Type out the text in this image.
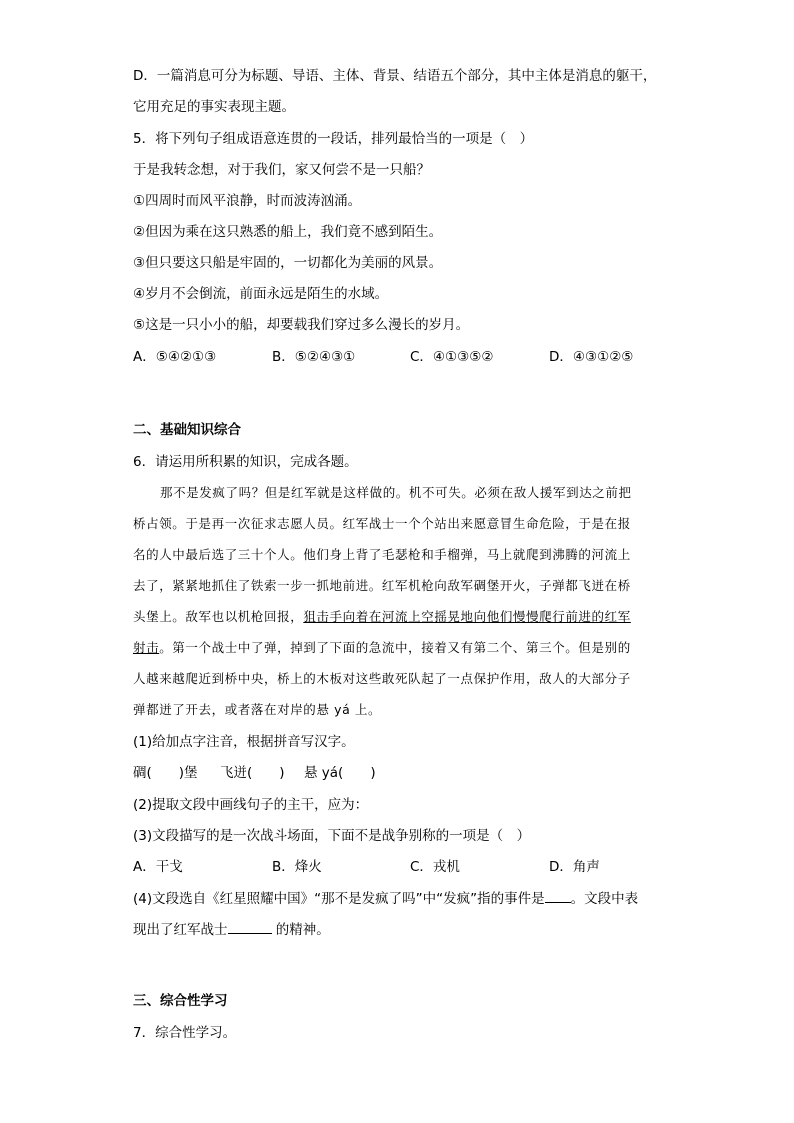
D．一篇消息可分为标题、导语、主体、背景、结语五个部分，其中主体是消息的躯干，
它用充足的事实表现主题。
5．将下列句子组成语意连贯的一段话，排列最恰当的一项是（　）
于是我转念想，对于我们，家又何尝不是一只船？
①四周时而风平浪静，时而波涛汹涌。
②但因为乘在这只熟悉的船上，我们竟不感到陌生。
③但只要这只船是牢固的，一切都化为美丽的风景。
④岁月不会倒流，前面永远是陌生的水域。
⑤这是一只小小的船，却要载我们穿过多么漫长的岁月。
A．⑤④②①③	B．⑤②④③①	C．④①③⑤②	D．④③①②⑤
二、基础知识综合
6．请运用所积累的知识，完成各题。
那不是发疯了吗？但是红军就是这样做的。机不可失。必须在敌人援军到达之前把
桥占领。于是再一次征求志愿人员。红军战士一个个站出来愿意冒生命危险，于是在报
名的人中最后选了三十个人。他们身上背了毛瑟枪和手榴弹，马上就爬到沸腾的河流上
去了，紧紧地抓住了铁索一步一抓地前进。红军机枪向敌军碉堡开火，子弹都飞迸在桥
头堡上。敌军也以机枪回报，狙击手向着在河流上空摇晃地向他们慢慢爬行前进的红军
射击。第一个战士中了弹，掉到了下面的急流中，接着又有第二个、第三个。但是别的
人越来越爬近到桥中央，桥上的木板对这些敢死队起了一点保护作用，敌人的大部分子
弹都迸了开去，或者落在对岸的悬 yá 上。
(1)给加点字注音，根据拼音写汉字。
碉(　　)堡 飞迸(　　) 悬 yá(　　)
(2)提取文段中画线句子的主干，应为：
(3)文段描写的是一次战斗场面，下面不是战争别称的一项是（　）
A．干戈	B．烽火	C．戎机	D．角声
(4)文段选自《红星照耀中国》“那不是发疯了吗”中“发疯”指的事件是 。文段中表
现出了红军战士	的精神。
三、综合性学习
7．综合性学习。
